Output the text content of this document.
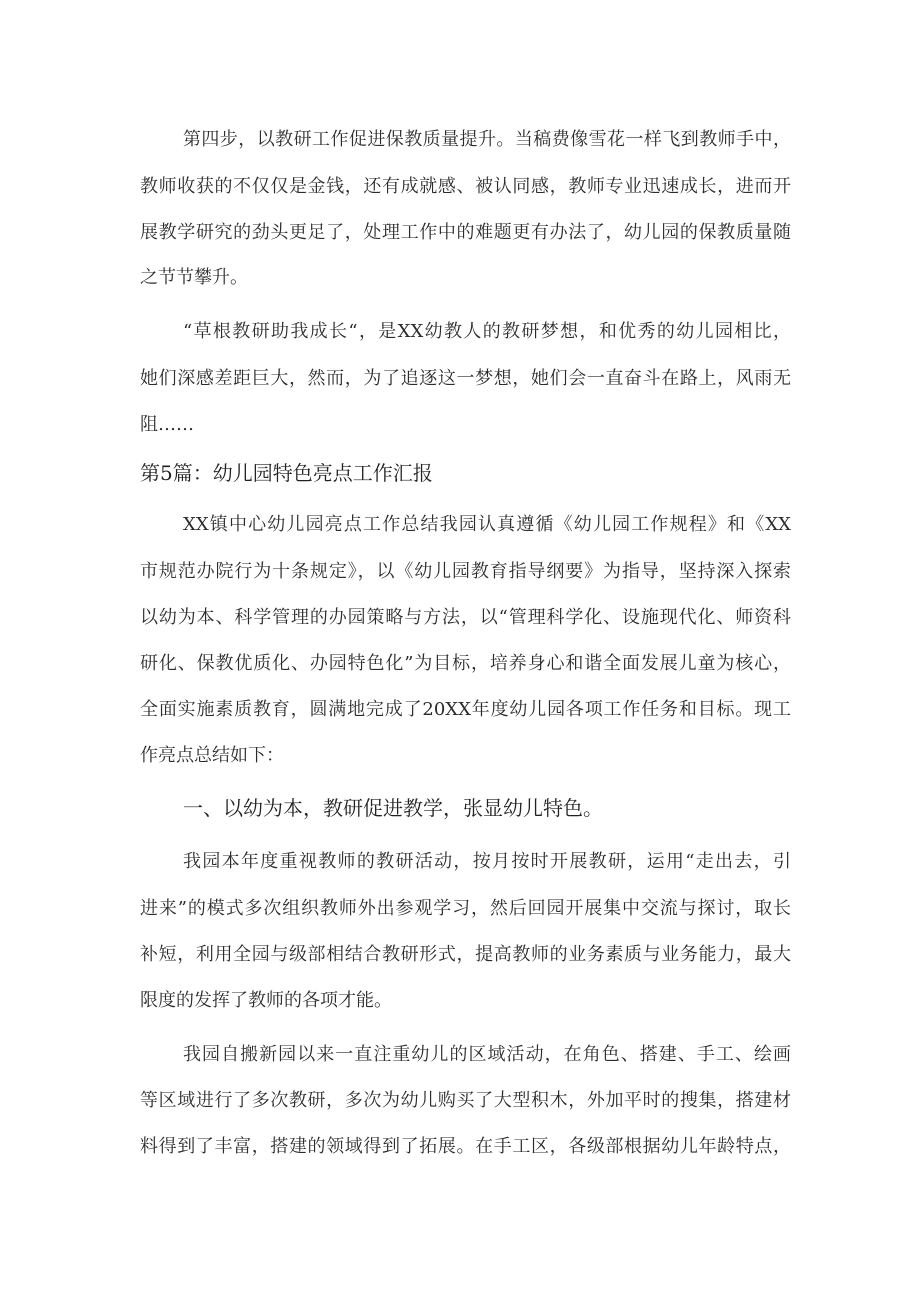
第四步，以教研工作促进保教质量提升。当稿费像雪花一样飞到教师手中，
教师收获的不仅仅是金钱，还有成就感、被认同感，教师专业迅速成长，进而开
展教学研究的劲头更足了，处理工作中的难题更有办法了，幼儿园的保教质量随
之节节攀升。
“草根教研助我成长“，是XX幼教人的教研梦想，和优秀的幼儿园相比，
她们深感差距巨大，然而，为了追逐这一梦想，她们会一直奋斗在路上，风雨无
阻……
第5篇：幼儿园特色亮点工作汇报
XX镇中心幼儿园亮点工作总结我园认真遵循《幼儿园工作规程》和《XX
市规范办院行为十条规定》，以《幼儿园教育指导纲要》为指导，坚持深入探索
以幼为本、科学管理的办园策略与方法，以“管理科学化、设施现代化、师资科
研化、保教优质化、办园特色化”为目标，培养身心和谐全面发展儿童为核心，
全面实施素质教育，圆满地完成了20XX年度幼儿园各项工作任务和目标。现工
作亮点总结如下：
一、以幼为本，教研促进教学，张显幼儿特色。
我园本年度重视教师的教研活动，按月按时开展教研，运用“走出去，引
进来”的模式多次组织教师外出参观学习，然后回园开展集中交流与探讨，取长
补短，利用全园与级部相结合教研形式，提高教师的业务素质与业务能力，最大
限度的发挥了教师的各项才能。
我园自搬新园以来一直注重幼儿的区域活动，在角色、搭建、手工、绘画
等区域进行了多次教研，多次为幼儿购买了大型积木，外加平时的搜集，搭建材
料得到了丰富，搭建的领域得到了拓展。在手工区，各级部根据幼儿年龄特点，
